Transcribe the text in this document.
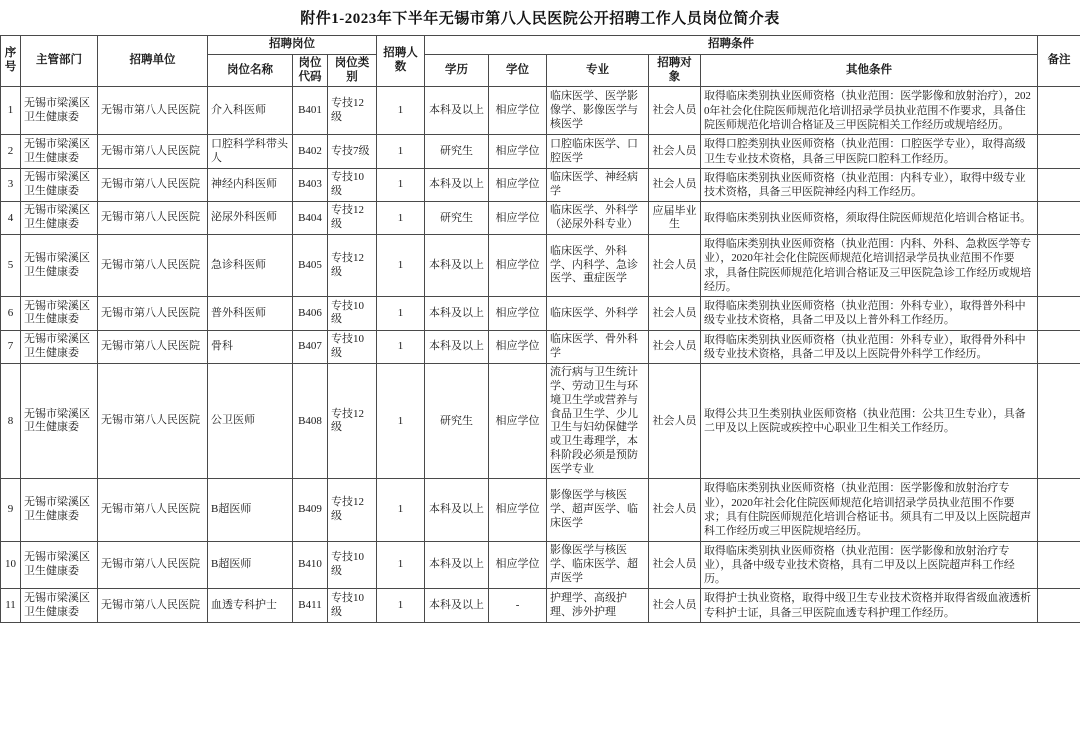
附件1-2023年下半年无锡市第八人民医院公开招聘工作人员岗位简介表
序号	主管部门	招聘单位	招聘岗位			招聘人数	招聘条件					备注
			岗位名称	岗位代码	岗位类别		学历	学位	专业	招聘对象	其他条件	
1	无锡市梁溪区卫生健康委	无锡市第八人民医院	介入科医师	B401	专技12级	1	本科及以上	相应学位	临床医学、医学影像学、影像医学与核医学	社会人员	取得临床类别执业医师资格（执业范围：医学影像和放射治疗），2020年社会化住院医师规范化培训招录学员执业范围不作要求，具备住院医师规范化培训合格证及三甲医院相关工作经历或规培经历。	
2	无锡市梁溪区卫生健康委	无锡市第八人民医院	口腔科学科带头人	B402	专技7级	1	研究生	相应学位	口腔临床医学、口腔医学	社会人员	取得口腔类别执业医师资格（执业范围：口腔医学专业），取得高级卫生专业技术资格，具备三甲医院口腔科工作经历。	
3	无锡市梁溪区卫生健康委	无锡市第八人民医院	神经内科医师	B403	专技10级	1	本科及以上	相应学位	临床医学、神经病学	社会人员	取得临床类别执业医师资格（执业范围：内科专业），取得中级专业技术资格，具备三甲医院神经内科工作经历。	
4	无锡市梁溪区卫生健康委	无锡市第八人民医院	泌尿外科医师	B404	专技12级	1	研究生	相应学位	临床医学、外科学（泌尿外科专业）	应届毕业生	取得临床类别执业医师资格，须取得住院医师规范化培训合格证书。	
5	无锡市梁溪区卫生健康委	无锡市第八人民医院	急诊科医师	B405	专技12级	1	本科及以上	相应学位	临床医学、外科学、内科学、急诊医学、重症医学	社会人员	取得临床类别执业医师资格（执业范围：内科、外科、急救医学等专业），2020年社会化住院医师规范化培训招录学员执业范围不作要求，具备住院医师规范化培训合格证及三甲医院急诊工作经历或规培经历。	
6	无锡市梁溪区卫生健康委	无锡市第八人民医院	普外科医师	B406	专技10级	1	本科及以上	相应学位	临床医学、外科学	社会人员	取得临床类别执业医师资格（执业范围：外科专业），取得普外科中级专业技术资格，具备二甲及以上普外科工作经历。	
7	无锡市梁溪区卫生健康委	无锡市第八人民医院	骨科	B407	专技10级	1	本科及以上	相应学位	临床医学、骨外科学	社会人员	取得临床类别执业医师资格（执业范围：外科专业），取得骨外科中级专业技术资格，具备二甲及以上医院骨外科学工作经历。	
8	无锡市梁溪区卫生健康委	无锡市第八人民医院	公卫医师	B408	专技12级	1	研究生	相应学位	流行病与卫生统计学、劳动卫生与环境卫生学或营养与食品卫生学、少儿卫生与妇幼保健学或卫生毒理学，本科阶段必须是预防医学专业	社会人员	取得公共卫生类别执业医师资格（执业范围：公共卫生专业），具备二甲及以上医院或疾控中心职业卫生相关工作经历。	
9	无锡市梁溪区卫生健康委	无锡市第八人民医院	B超医师	B409	专技12级	1	本科及以上	相应学位	影像医学与核医学、超声医学、临床医学	社会人员	取得临床类别执业医师资格（执业范围：医学影像和放射治疗专业），2020年社会化住院医师规范化培训招录学员执业范围不作要求；具有住院医师规范化培训合格证书。须具有二甲及以上医院超声科工作经历或三甲医院规培经历。	
10	无锡市梁溪区卫生健康委	无锡市第八人民医院	B超医师	B410	专技10级	1	本科及以上	相应学位	影像医学与核医学、临床医学、超声医学	社会人员	取得临床类别执业医师资格（执业范围：医学影像和放射治疗专业），具备中级专业技术资格，具有二甲及以上医院超声科工作经历。	
11	无锡市梁溪区卫生健康委	无锡市第八人民医院	血透专科护士	B411	专技10级	1	本科及以上	-	护理学、高级护理、涉外护理	社会人员	取得护士执业资格，取得中级卫生专业技术资格并取得省级血液透析专科护士证，具备三甲医院血透专科护理工作经历。	
